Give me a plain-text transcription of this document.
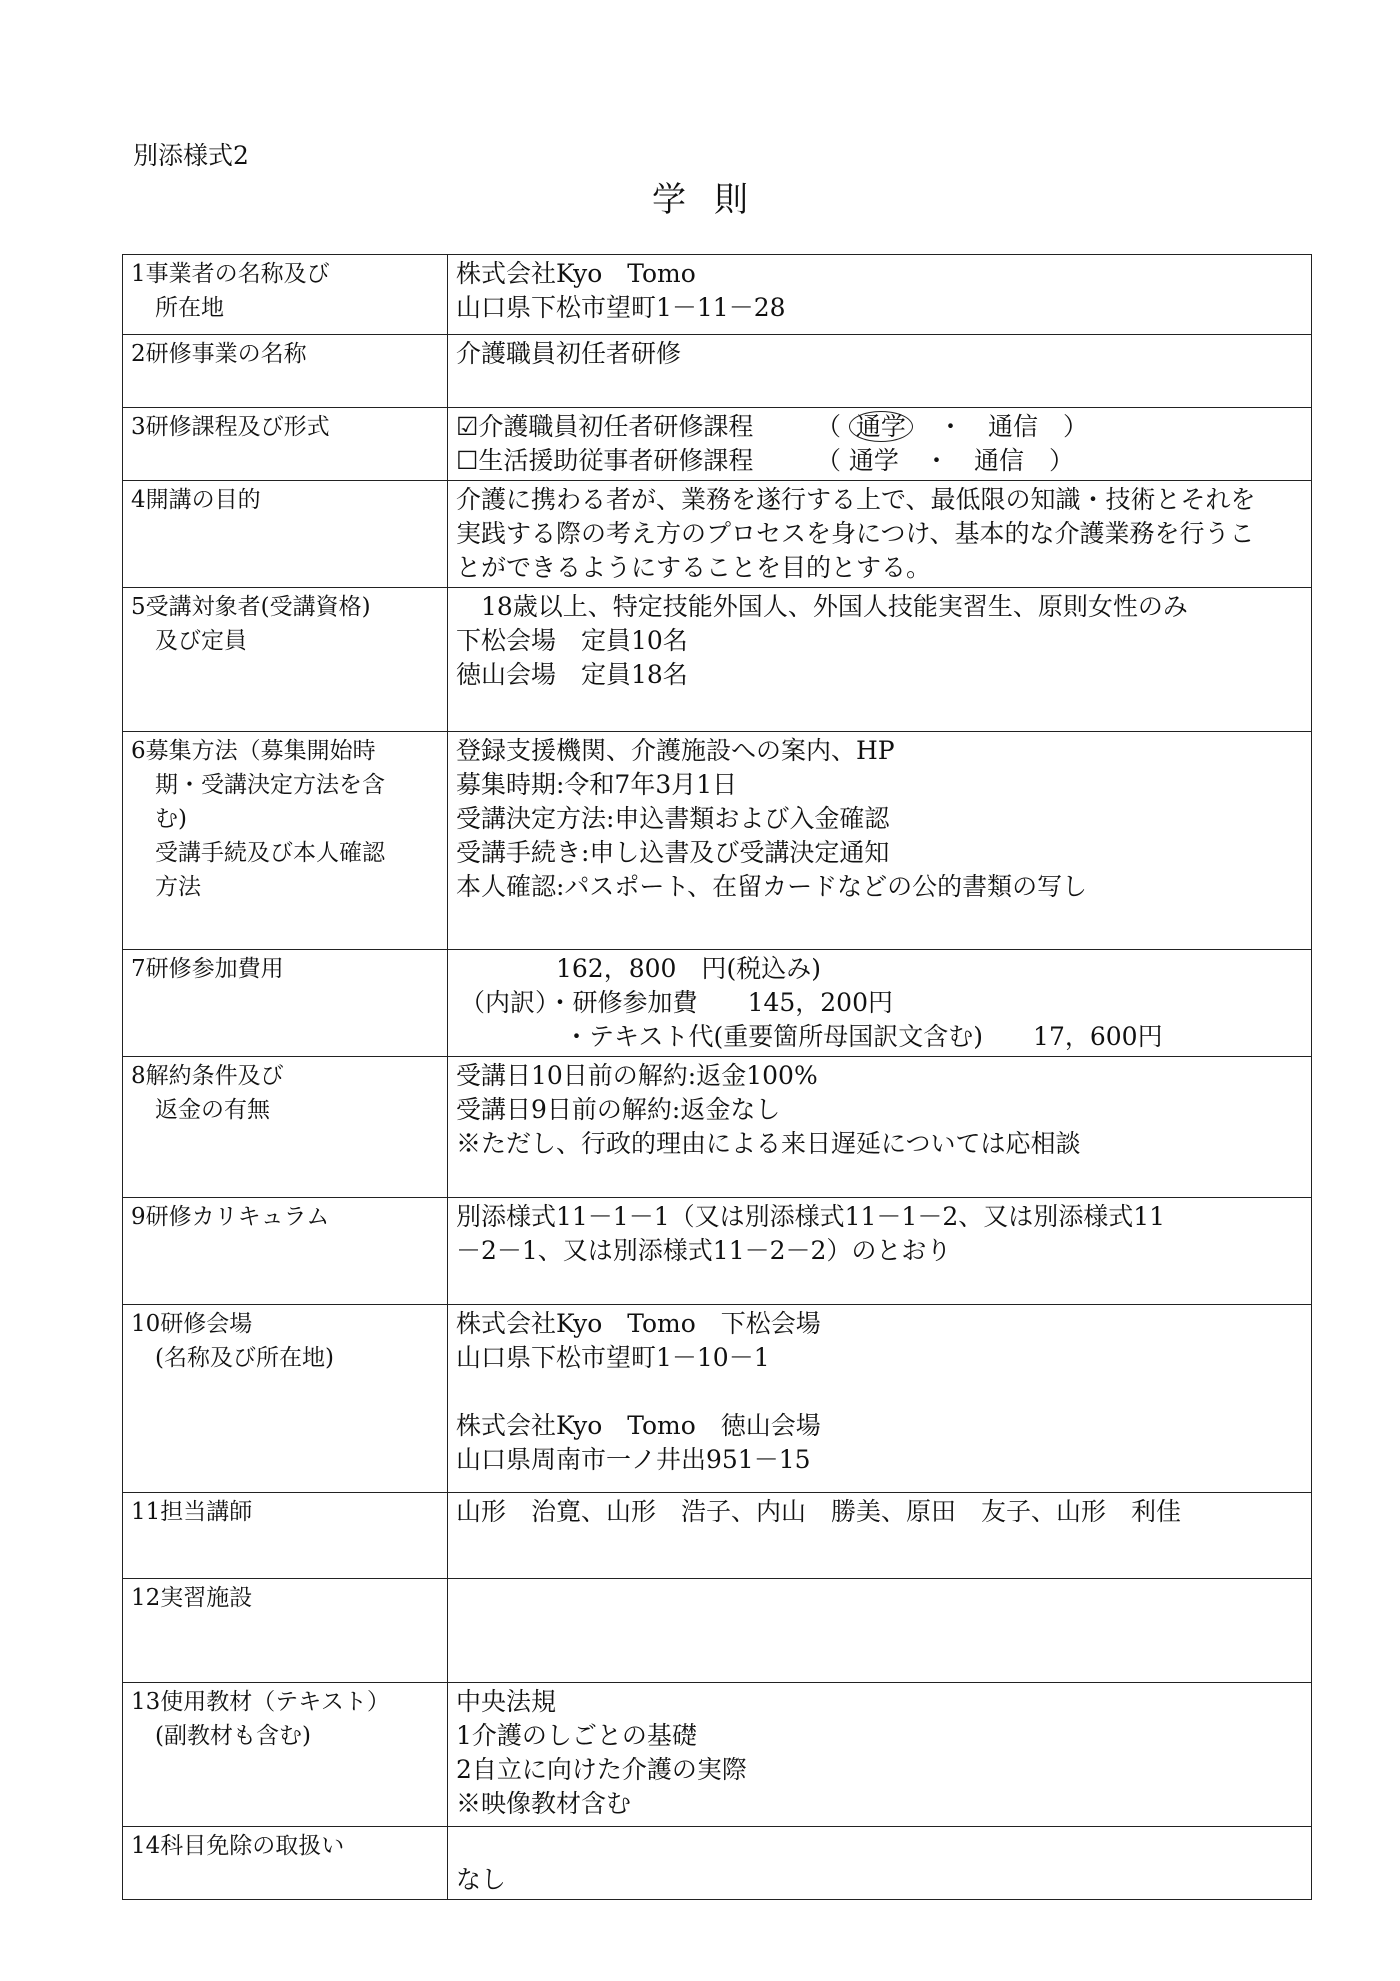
別添様式2
学則
1事業者の名称及び
所在地	株式会社Kyo　Tomo
山口県下松市望町1－11－28

2研修事業の名称	介護職員初任者研修

3研修課程及び形式	☑介護職員初任者研修課程　　　 （ 通学　 ・　 通信　 ）
☐生活援助従事者研修課程　　　 （ 通学　 ・　 通信　 ）

4開講の目的	介護に携わる者が、業務を遂行する上で、最低限の知識・技術とそれを
実践する際の考え方のプロセスを身につけ、基本的な介護業務を行うこ
とができるようにすることを目的とする。

5受講対象者(受講資格)
及び定員	　18歳以上、特定技能外国人、外国人技能実習生、原則女性のみ
下松会場　定員10名
徳山会場　定員18名

6募集方法（募集開始時
期・受講決定方法を含
む)
受講手続及び本人確認
方法	登録支援機関、介護施設への案内、HP
募集時期:令和7年3月1日
受講決定方法:申込書類および入金確認
受講手続き:申し込書及び受講決定通知
本人確認:パスポート、在留カードなどの公的書類の写し

7研修参加費用	162，800　円(税込み)
（内訳）・研修参加費　　 145，200円
・テキスト代(重要箇所母国訳文含む)　　 17，600円

8解約条件及び
返金の有無	受講日10日前の解約:返金100%
受講日9日前の解約:返金なし
※ただし、行政的理由による来日遅延については応相談

9研修カリキュラム	別添様式11－1－1（又は別添様式11－1－2、又は別添様式11
－2－1、又は別添様式11－2－2）のとおり

10研修会場
(名称及び所在地)	株式会社Kyo　Tomo　下松会場
山口県下松市望町1－10－1

株式会社Kyo　Tomo　徳山会場
山口県周南市一ノ井出951－15

11担当講師	山形　治寛、山形　浩子、内山　勝美、原田　友子、山形　利佳

12実習施設	

13使用教材（テキスト）
(副教材も含む)	中央法規
1介護のしごとの基礎
2自立に向けた介護の実際
※映像教材含む

14科目免除の取扱い	なし
